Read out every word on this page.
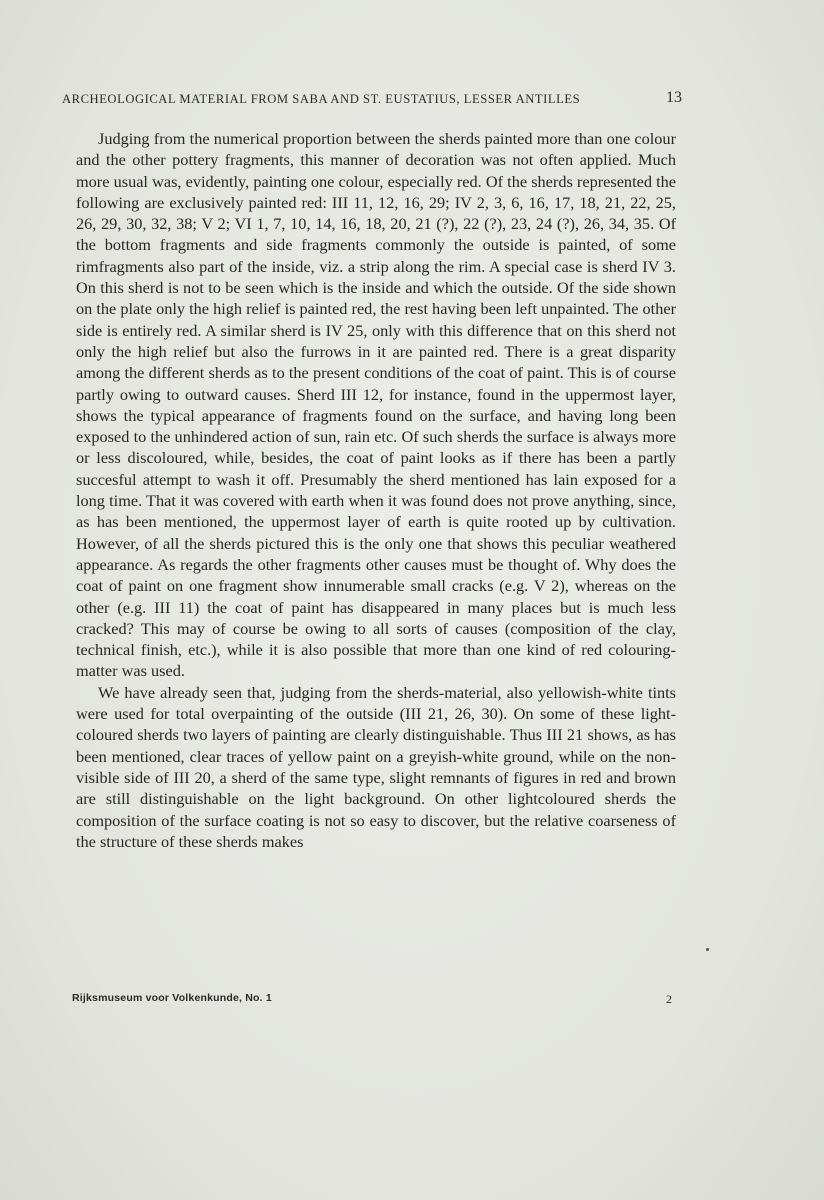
ARCHEOLOGICAL MATERIAL FROM SABA AND ST. EUSTATIUS, LESSER ANTILLES	13

Judging from the numerical proportion between the sherds painted more than one colour and the other pottery fragments, this manner of decoration was not often applied. Much more usual was, evidently, painting one colour, especially red. Of the sherds represented the following are exclusively painted red: III 11, 12, 16, 29; IV 2, 3, 6, 16, 17, 18, 21, 22, 25, 26, 29, 30, 32, 38; V 2; VI 1, 7, 10, 14, 16, 18, 20, 21 (?), 22 (?), 23, 24 (?), 26, 34, 35. Of the bottom fragments and side fragments commonly the outside is painted, of some rimfragments also part of the inside, viz. a strip along the rim. A special case is sherd IV 3. On this sherd is not to be seen which is the inside and which the outside. Of the side shown on the plate only the high relief is painted red, the rest having been left unpainted. The other side is entirely red. A similar sherd is IV 25, only with this difference that on this sherd not only the high relief but also the furrows in it are painted red. There is a great disparity among the different sherds as to the present conditions of the coat of paint. This is of course partly owing to outward causes. Sherd III 12, for instance, found in the uppermost layer, shows the typical appearance of fragments found on the surface, and having long been exposed to the unhindered action of sun, rain etc. Of such sherds the surface is always more or less discoloured, while, besides, the coat of paint looks as if there has been a partly succesful attempt to wash it off. Presumably the sherd mentioned has lain exposed for a long time. That it was covered with earth when it was found does not prove anything, since, as has been mentioned, the uppermost layer of earth is quite rooted up by cultivation. However, of all the sherds pictured this is the only one that shows this peculiar weathered appearance. As regards the other fragments other causes must be thought of. Why does the coat of paint on one fragment show innumerable small cracks (e.g. V 2), whereas on the other (e.g. III 11) the coat of paint has disappeared in many places but is much less cracked? This may of course be owing to all sorts of causes (composition of the clay, technical finish, etc.), while it is also possible that more than one kind of red colouring-matter was used.

We have already seen that, judging from the sherds-material, also yellowish-white tints were used for total overpainting of the outside (III 21, 26, 30). On some of these light-coloured sherds two layers of painting are clearly distinguishable. Thus III 21 shows, as has been mentioned, clear traces of yellow paint on a greyish-white ground, while on the non-visible side of III 20, a sherd of the same type, slight remnants of figures in red and brown are still distinguishable on the light background. On other lightcoloured sherds the composition of the surface coating is not so easy to discover, but the relative coarseness of the structure of these sherds makes

Rijksmuseum voor Volkenkunde, No. 1	2
